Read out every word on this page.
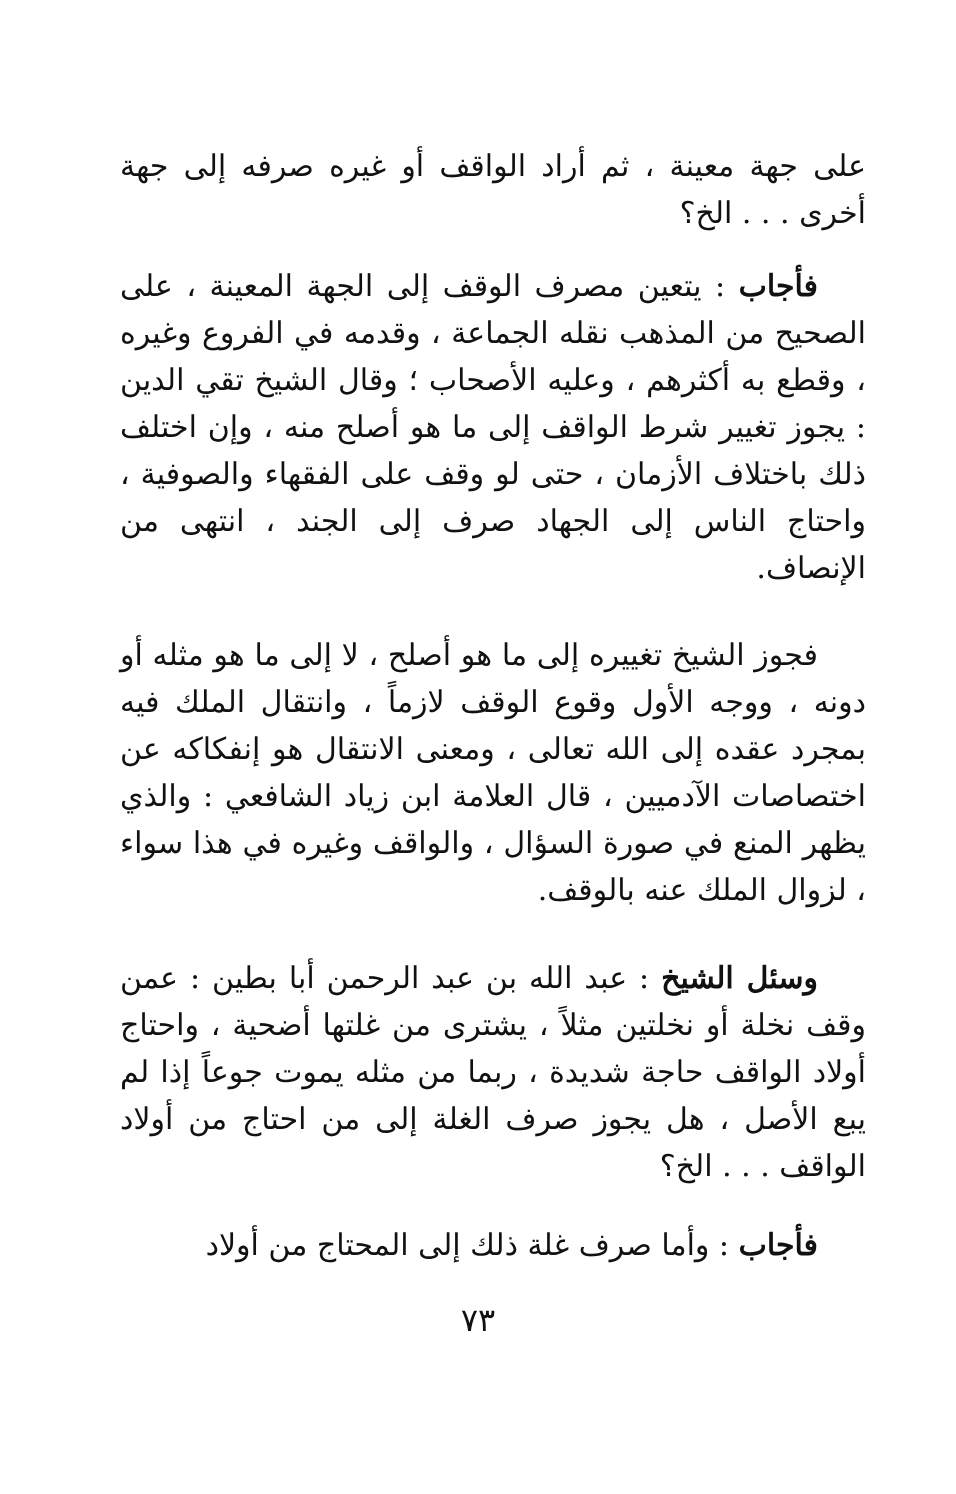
على جهة معينة ، ثم أراد الواقف أو غيره صرفه إلى جهة أخرى . . . الخ؟

فأجاب : يتعين مصرف الوقف إلى الجهة المعينة ، على الصحيح من المذهب نقله الجماعة ، وقدمه في الفروع وغيره ، وقطع به أكثرهم ، وعليه الأصحاب ؛ وقال الشيخ تقي الدين : يجوز تغيير شرط الواقف إلى ما هو أصلح منه ، وإن اختلف ذلك باختلاف الأزمان ، حتى لو وقف على الفقهاء والصوفية ، واحتاج الناس إلى الجهاد صرف إلى الجند ، انتهى من الإنصاف.

فجوز الشيخ تغييره إلى ما هو أصلح ، لا إلى ما هو مثله أو دونه ، ووجه الأول وقوع الوقف لازماً ، وانتقال الملك فيه بمجرد عقده إلى الله تعالى ، ومعنى الانتقال هو إنفكاكه عن اختصاصات الآدميين ، قال العلامة ابن زياد الشافعي : والذي يظهر المنع في صورة السؤال ، والواقف وغيره في هذا سواء ، لزوال الملك عنه بالوقف.

وسئل الشيخ : عبد الله بن عبد الرحمن أبا بطين : عمن وقف نخلة أو نخلتين مثلاً ، يشترى من غلتها أضحية ، واحتاج أولاد الواقف حاجة شديدة ، ربما من مثله يموت جوعاً إذا لم يبع الأصل ، هل يجوز صرف الغلة إلى من احتاج من أولاد الواقف . . . الخ؟

فأجاب : وأما صرف غلة ذلك إلى المحتاج من أولاد

٧٣
